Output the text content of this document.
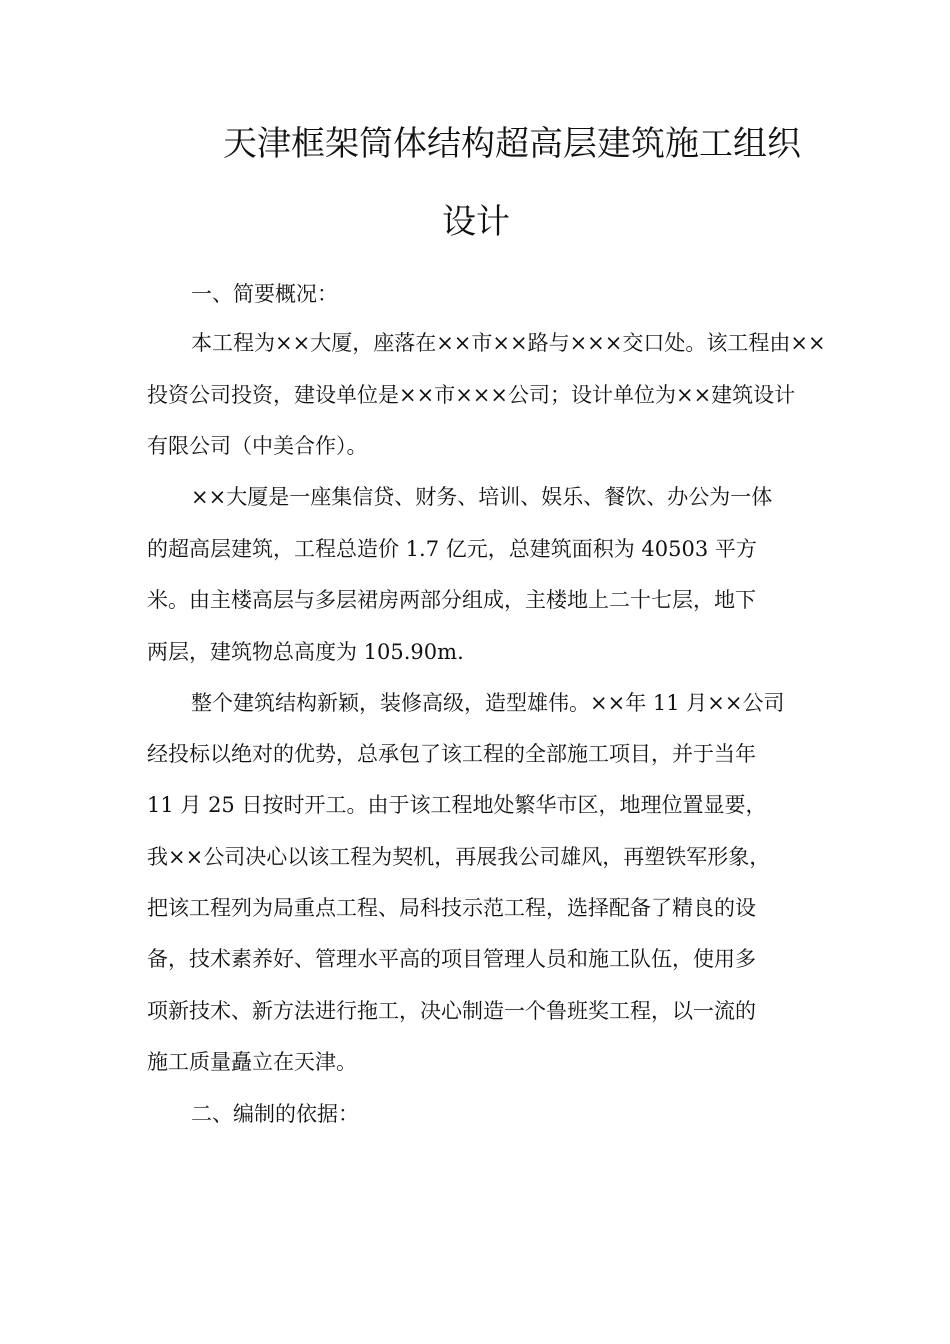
天津框架筒体结构超高层建筑施工组织
设计
一、简要概况：
本工程为××大厦，座落在××市××路与×××交口处。该工程由××
投资公司投资，建设单位是××市×××公司；设计单位为××建筑设计
有限公司（中美合作）。
××大厦是一座集信贷、财务、培训、娱乐、餐饮、办公为一体
的超高层建筑，工程总造价 1.7 亿元，总建筑面积为 40503 平方
米。由主楼高层与多层裙房两部分组成，主楼地上二十七层，地下
两层，建筑物总高度为 105.90m.
整个建筑结构新颖，装修高级，造型雄伟。××年 11 月××公司
经投标以绝对的优势，总承包了该工程的全部施工项目，并于当年
11 月 25 日按时开工。由于该工程地处繁华市区，地理位置显要，
我××公司决心以该工程为契机，再展我公司雄风，再塑铁军形象，
把该工程列为局重点工程、局科技示范工程，选择配备了精良的设
备，技术素养好、管理水平高的项目管理人员和施工队伍，使用多
项新技术、新方法进行拖工，决心制造一个鲁班奖工程，以一流的
施工质量矗立在天津。
二、编制的依据：
